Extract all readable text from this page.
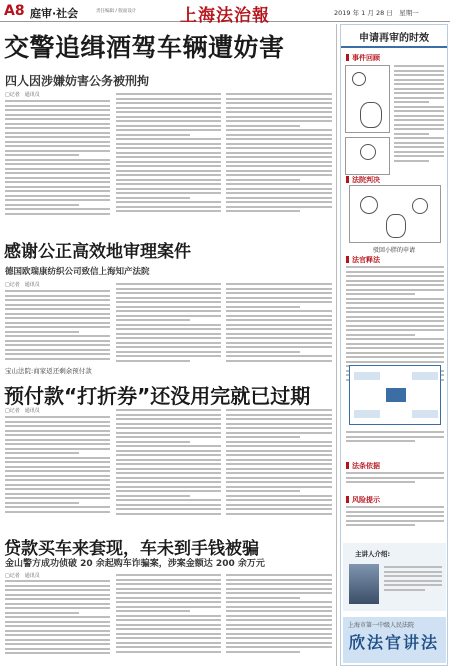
A8 庭审·社会	责任编辑 / 版面设计	上海法治報	2019 年 1 月 28 日　星期一
交警追缉酒驾车辆遭妨害
四人因涉嫌妨害公务被刑拘
□记者　通讯员
感谢公正高效地审理案件
德国欧瑞康纺织公司致信上海知产法院
□记者　通讯员
宝山法院:商家返还剩余预付款
预付款“打折券”还没用完就已过期
□记者　通讯员
贷款买车来套现，车未到手钱被骗
金山警方成功侦破 20 余起购车诈骗案，涉案金额达 200 余万元
□记者　通讯员
申请再审的时效
事件回顾
法院判决
驳回小胖的申请
法官释法
法条依据
风险提示
主讲人介绍:
上海市第一中级人民法院
欣法官讲法
